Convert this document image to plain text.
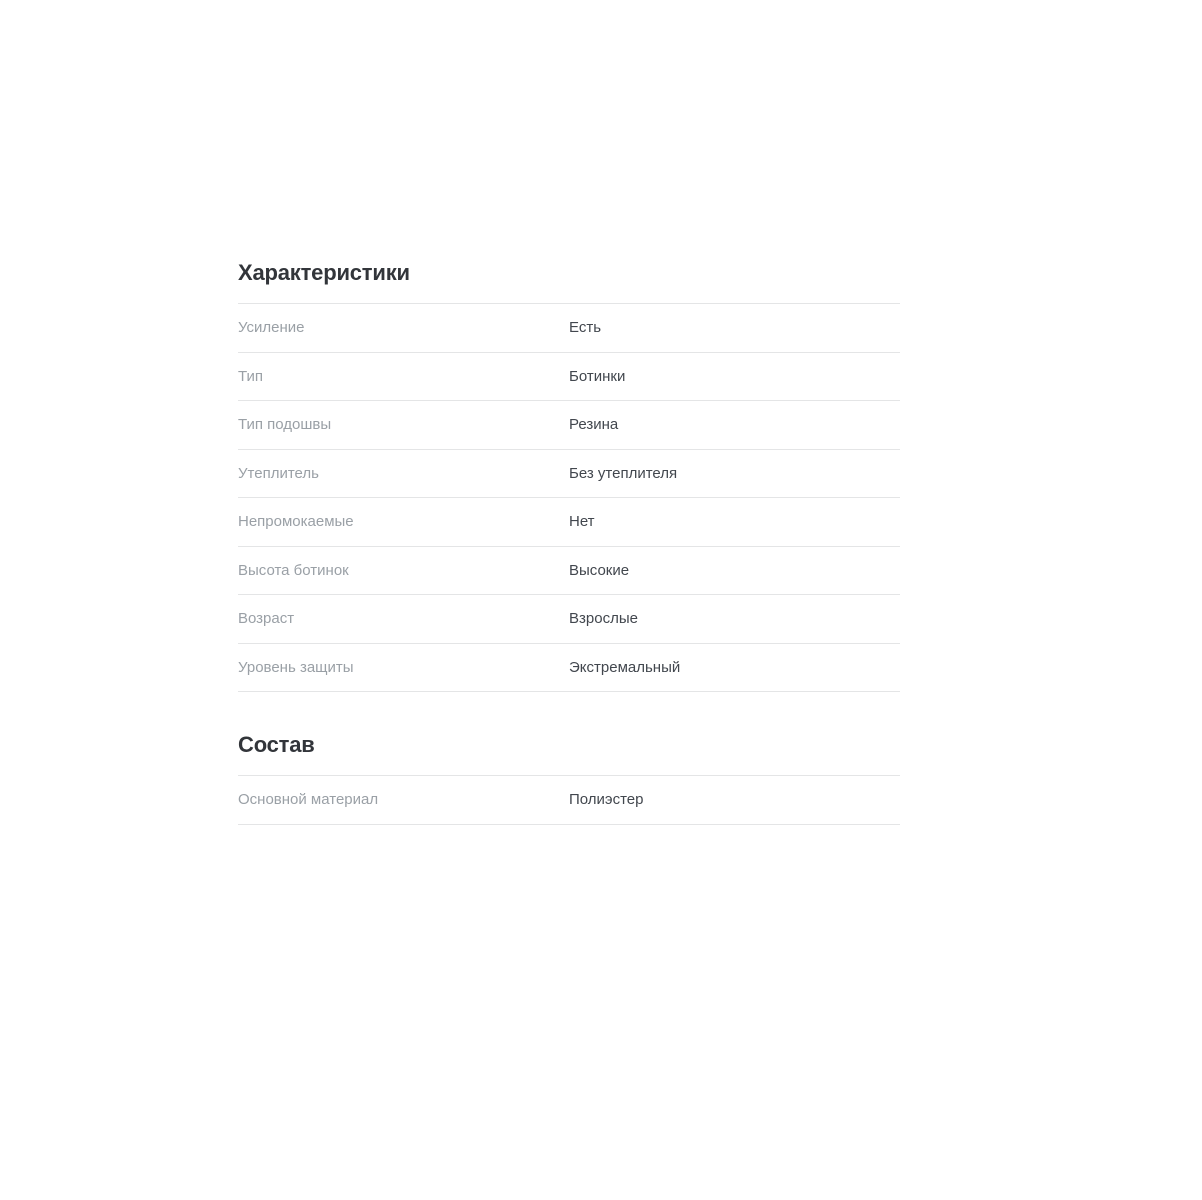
Характеристики
Усиление	Есть
Тип	Ботинки
Тип подошвы	Резина
Утеплитель	Без утеплителя
Непромокаемые	Нет
Высота ботинок	Высокие
Возраст	Взрослые
Уровень защиты	Экстремальный
Состав
Основной материал	Полиэстер
